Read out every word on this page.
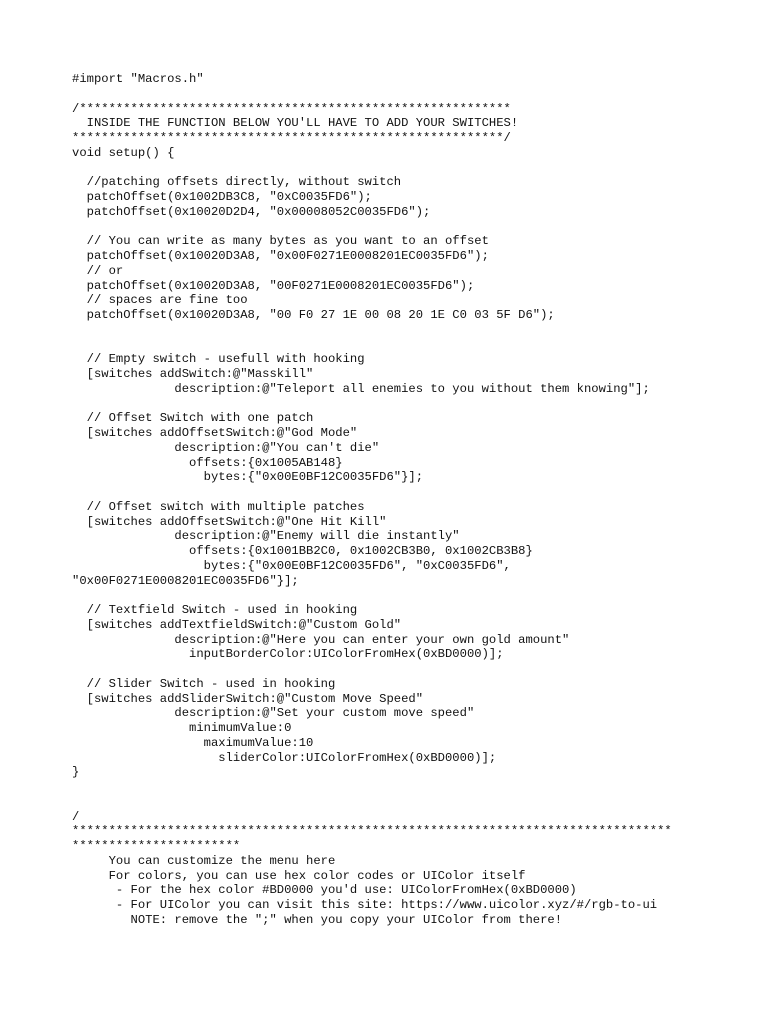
#import "Macros.h"
/***********************************************************
INSIDE THE FUNCTION BELOW YOU'LL HAVE TO ADD YOUR SWITCHES!
***********************************************************/
void setup() {
//patching offsets directly, without switch
patchOffset(0x1002DB3C8, "0xC0035FD6");
patchOffset(0x10020D2D4, "0x00008052C0035FD6");
// You can write as many bytes as you want to an offset
patchOffset(0x10020D3A8, "0x00F0271E0008201EC0035FD6");
// or
patchOffset(0x10020D3A8, "00F0271E0008201EC0035FD6");
// spaces are fine too
patchOffset(0x10020D3A8, "00 F0 27 1E 00 08 20 1E C0 03 5F D6");
// Empty switch - usefull with hooking
[switches addSwitch:@"Masskill"
description:@"Teleport all enemies to you without them knowing"];
// Offset Switch with one patch
[switches addOffsetSwitch:@"God Mode"
description:@"You can't die"
offsets:{0x1005AB148}
bytes:{"0x00E0BF12C0035FD6"}];
// Offset switch with multiple patches
[switches addOffsetSwitch:@"One Hit Kill"
description:@"Enemy will die instantly"
offsets:{0x1001BB2C0, 0x1002CB3B0, 0x1002CB3B8}
bytes:{"0x00E0BF12C0035FD6", "0xC0035FD6",
"0x00F0271E0008201EC0035FD6"}];
// Textfield Switch - used in hooking
[switches addTextfieldSwitch:@"Custom Gold"
description:@"Here you can enter your own gold amount"
inputBorderColor:UIColorFromHex(0xBD0000)];
// Slider Switch - used in hooking
[switches addSliderSwitch:@"Custom Move Speed"
description:@"Set your custom move speed"
minimumValue:0
maximumValue:10
sliderColor:UIColorFromHex(0xBD0000)];
}
/
**********************************************************************************
***********************
You can customize the menu here
For colors, you can use hex color codes or UIColor itself
- For the hex color #BD0000 you'd use: UIColorFromHex(0xBD0000)
- For UIColor you can visit this site: https://www.uicolor.xyz/#/rgb-to-ui
NOTE: remove the ";" when you copy your UIColor from there!
